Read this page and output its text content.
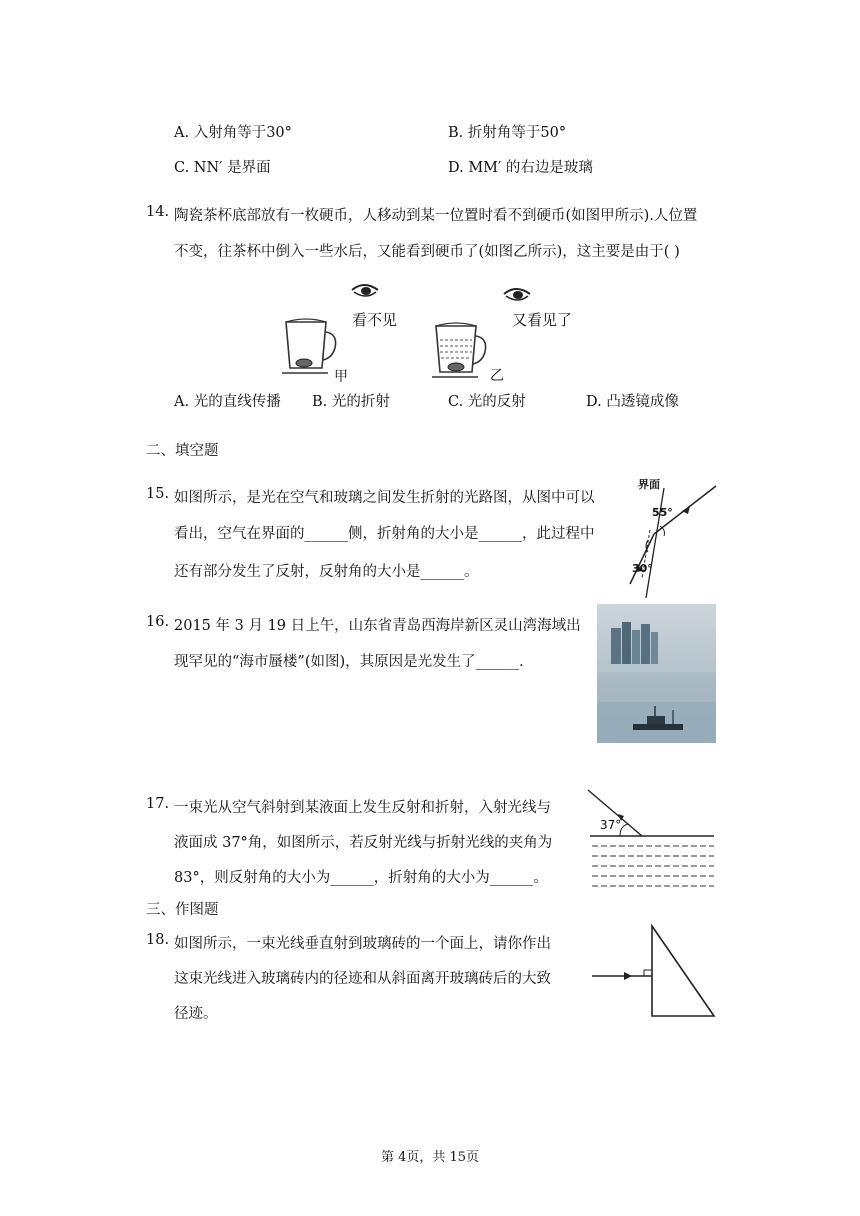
A. 入射角等于30°	B. 折射角等于50°
C. NN′ 是界面	D. MM′ 的右边是玻璃
14. 陶瓷茶杯底部放有一枚硬币，人移动到某一位置时看不到硬币(如图甲所示).人位置
不变，往茶杯中倒入一些水后，又能看到硬币了(如图乙所示)，这主要是由于( )
看不见	又看见了
甲	乙
A. 光的直线传播 B. 光的折射	C. 光的反射	D. 凸透镜成像
二、填空题
15. 如图所示，是光在空气和玻璃之间发生折射的光路图，从图中可以
看出，空气在界面的______侧，折射角的大小是______，此过程中
还有部分发生了反射，反射角的大小是______。
界面
55°
30°
16. 2015 年 3 月 19 日上午，山东省青岛西海岸新区灵山湾海域出
现罕见的“海市蜃楼”(如图)，其原因是光发生了______．
17. 一束光从空气斜射到某液面上发生反射和折射，入射光线与
液面成 37°角，如图所示，若反射光线与折射光线的夹角为
83°，则反射角的大小为______，折射角的大小为______。
37°
三、作图题
18. 如图所示，一束光线垂直射到玻璃砖的一个面上，请你作出
这束光线进入玻璃砖内的径迹和从斜面离开玻璃砖后的大致
径迹。
第 4页，共 15页
